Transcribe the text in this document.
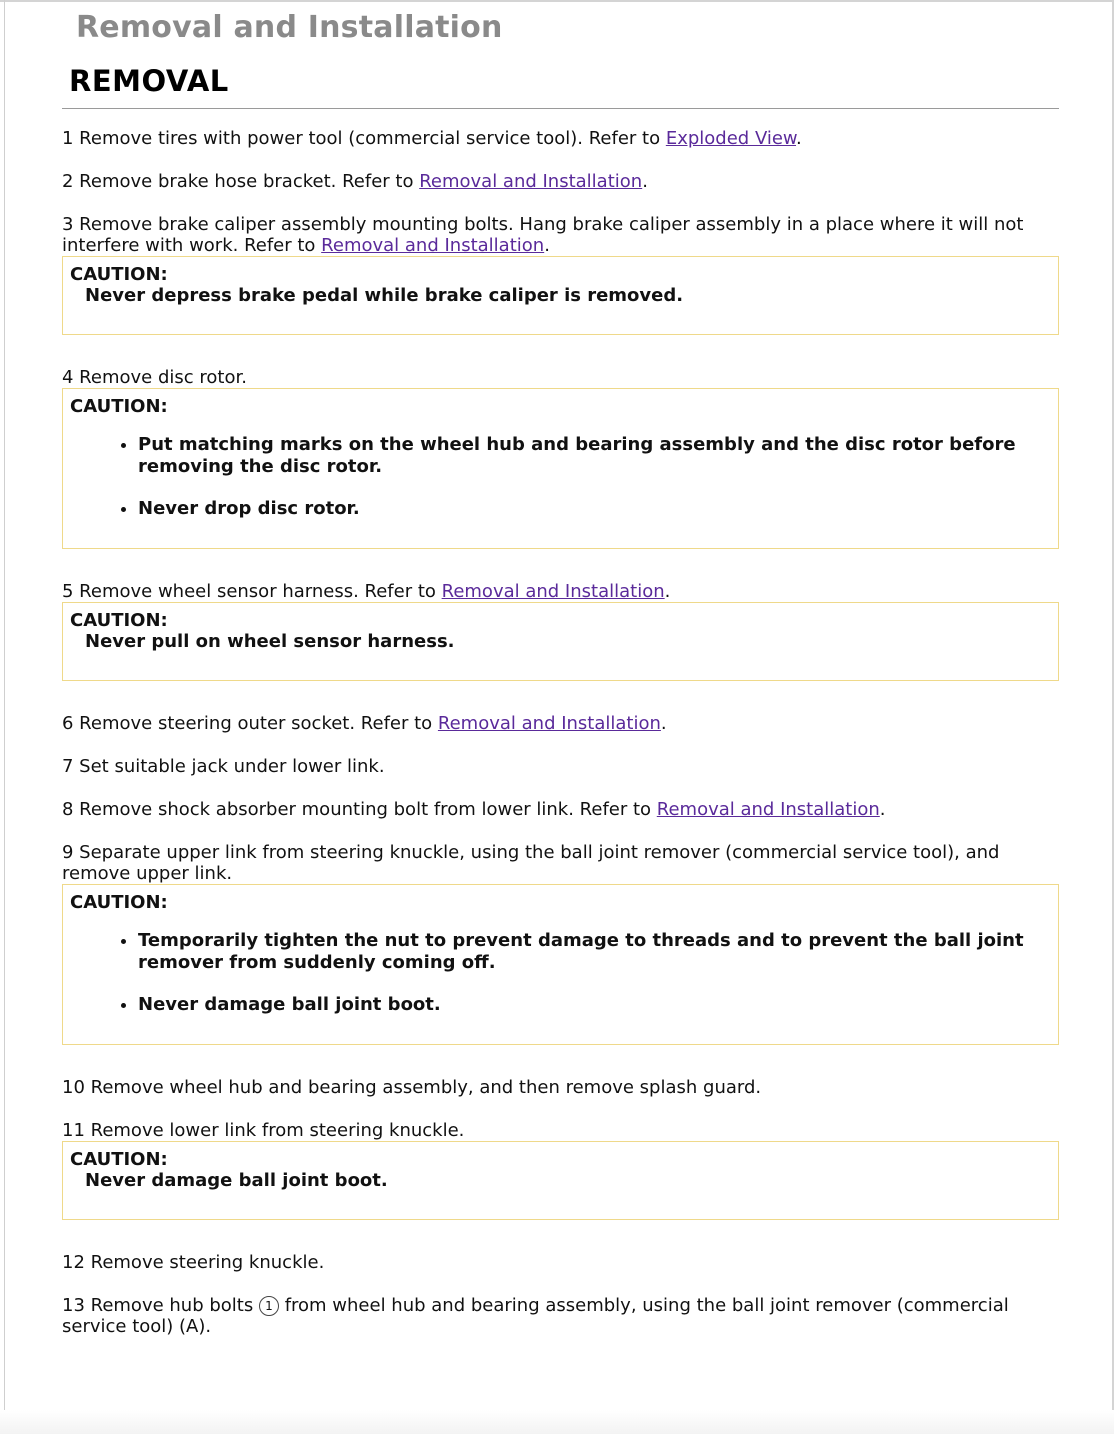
Removal and Installation
REMOVAL

1 Remove tires with power tool (commercial service tool). Refer to Exploded View.

2 Remove brake hose bracket. Refer to Removal and Installation.

3 Remove brake caliper assembly mounting bolts. Hang brake caliper assembly in a place where it will not interfere with work. Refer to Removal and Installation.

CAUTION:
Never depress brake pedal while brake caliper is removed.

4 Remove disc rotor.

CAUTION:
• Put matching marks on the wheel hub and bearing assembly and the disc rotor before removing the disc rotor.
• Never drop disc rotor.

5 Remove wheel sensor harness. Refer to Removal and Installation.

CAUTION:
Never pull on wheel sensor harness.

6 Remove steering outer socket. Refer to Removal and Installation.

7 Set suitable jack under lower link.

8 Remove shock absorber mounting bolt from lower link. Refer to Removal and Installation.

9 Separate upper link from steering knuckle, using the ball joint remover (commercial service tool), and remove upper link.

CAUTION:
• Temporarily tighten the nut to prevent damage to threads and to prevent the ball joint remover from suddenly coming off.
• Never damage ball joint boot.

10 Remove wheel hub and bearing assembly, and then remove splash guard.

11 Remove lower link from steering knuckle.

CAUTION:
Never damage ball joint boot.

12 Remove steering knuckle.

13 Remove hub bolts 1 from wheel hub and bearing assembly, using the ball joint remover (commercial service tool) (A).
